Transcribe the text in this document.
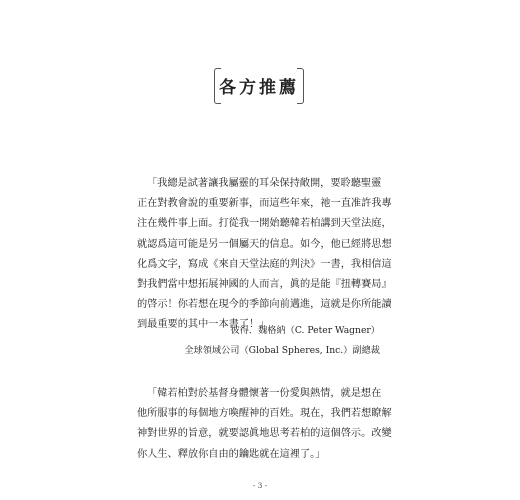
各方推薦
「我總是試著讓我屬靈的耳朵保持敞開，要聆聽聖靈
正在對教會說的重要新事，而這些年來，祂一直准許我專
注在幾件事上面。打從我一開始聽韓若柏講到天堂法庭，
就認爲這可能是另一個屬天的信息。如今，他已經將思想
化爲文字，寫成《來自天堂法庭的判決》一書，我相信這
對我們當中想拓展神國的人而言，眞的是能『扭轉賽局』
的啓示！你若想在現今的季節向前邁進，這就是你所能讀
到最重要的其中一本書了！」
彼得．魏格納（C. Peter Wagner）
全球領域公司（Global Spheres, Inc.）副總裁
「韓若柏對於基督身體懷著一份愛與熱情，就是想在
他所服事的每個地方喚醒神的百姓。現在，我們若想瞭解
神對世界的旨意，就要認眞地思考若柏的這個啓示。改變
你人生、釋放你自由的鑰匙就在這裡了。」
- 3 -
